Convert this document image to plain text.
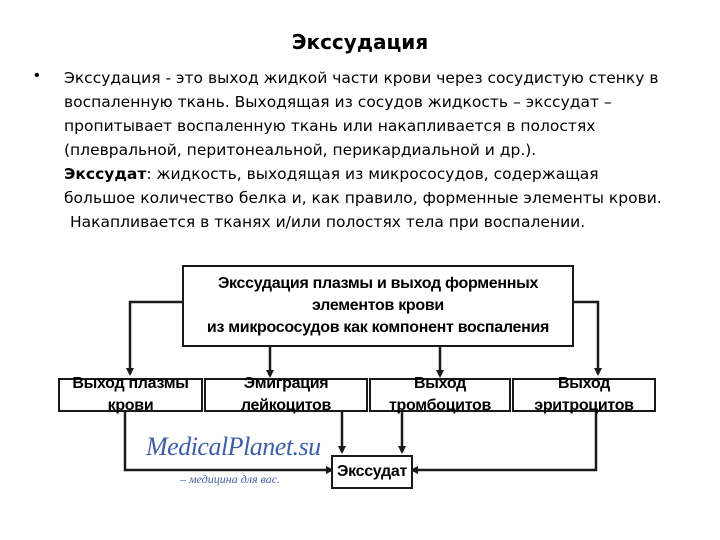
Экссудация
• Экссудация - это выход жидкой части крови через сосудистую стенку в

воспаленную ткань. Выходящая из сосудов жидкость – экссудат –

пропитывает воспаленную ткань или накапливается в полостях

(плевральной, перитонеальной, перикардиальной и др.).

Экссудат: жидкость, выходящая из микрососудов, содержащая

большое количество белка и, как правило, форменные элементы крови.

Накапливается в тканях и/или полостях тела при воспалении.

Экссудация плазмы и выход форменных элементов крови
из микрососудов как компонент воспаления
Выход плазмы крови
Эмиграция лейкоцитов
Выход тромбоцитов
Выход эритроцитов
Экссудат
MedicalPlanet.su
– медицина для вас.
